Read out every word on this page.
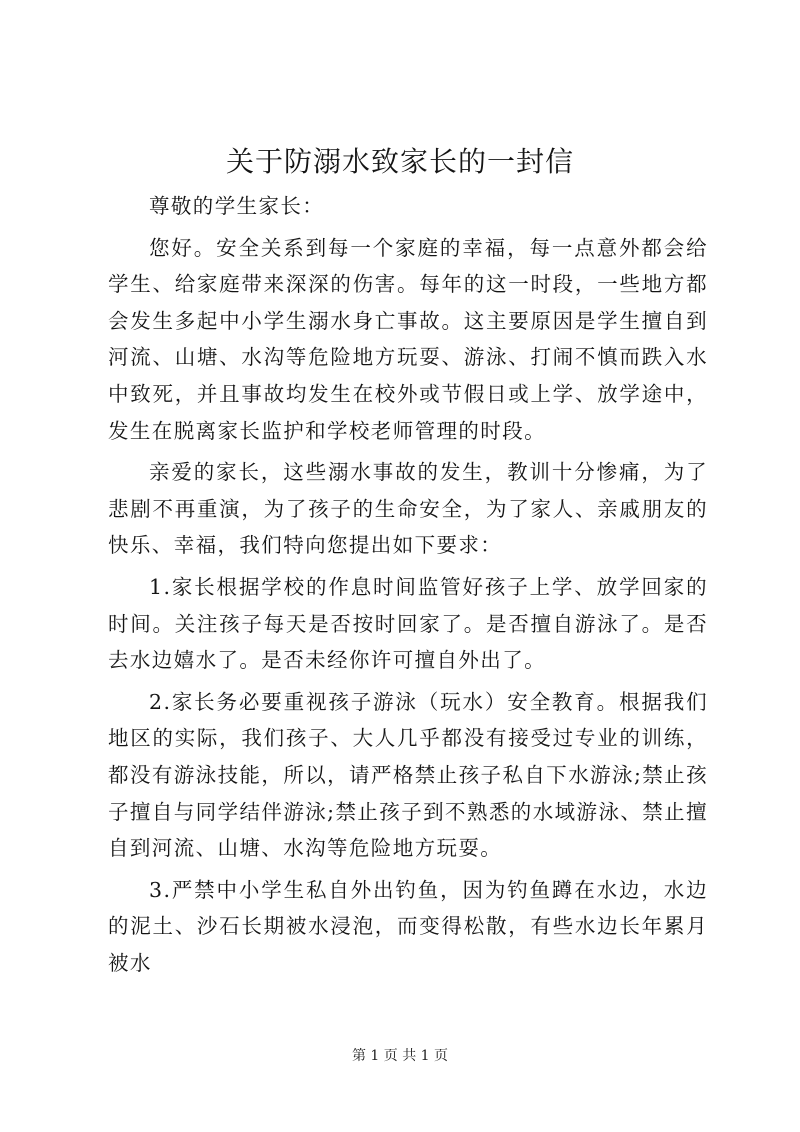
关于防溺水致家长的一封信

尊敬的学生家长：

您好。安全关系到每一个家庭的幸福，每一点意外都会给学生、给家庭带来深深的伤害。每年的这一时段，一些地方都会发生多起中小学生溺水身亡事故。这主要原因是学生擅自到河流、山塘、水沟等危险地方玩耍、游泳、打闹不慎而跌入水中致死，并且事故均发生在校外或节假日或上学、放学途中，发生在脱离家长监护和学校老师管理的时段。

亲爱的家长，这些溺水事故的发生，教训十分惨痛，为了悲剧不再重演，为了孩子的生命安全，为了家人、亲戚朋友的快乐、幸福，我们特向您提出如下要求：

1.家长根据学校的作息时间监管好孩子上学、放学回家的时间。关注孩子每天是否按时回家了。是否擅自游泳了。是否去水边嬉水了。是否未经你许可擅自外出了。

2.家长务必要重视孩子游泳（玩水）安全教育。根据我们地区的实际，我们孩子、大人几乎都没有接受过专业的训练，都没有游泳技能，所以，请严格禁止孩子私自下水游泳;禁止孩子擅自与同学结伴游泳;禁止孩子到不熟悉的水域游泳、禁止擅自到河流、山塘、水沟等危险地方玩耍。

3.严禁中小学生私自外出钓鱼，因为钓鱼蹲在水边，水边的泥土、沙石长期被水浸泡，而变得松散，有些水边长年累月被水

第 1 页 共 1 页
